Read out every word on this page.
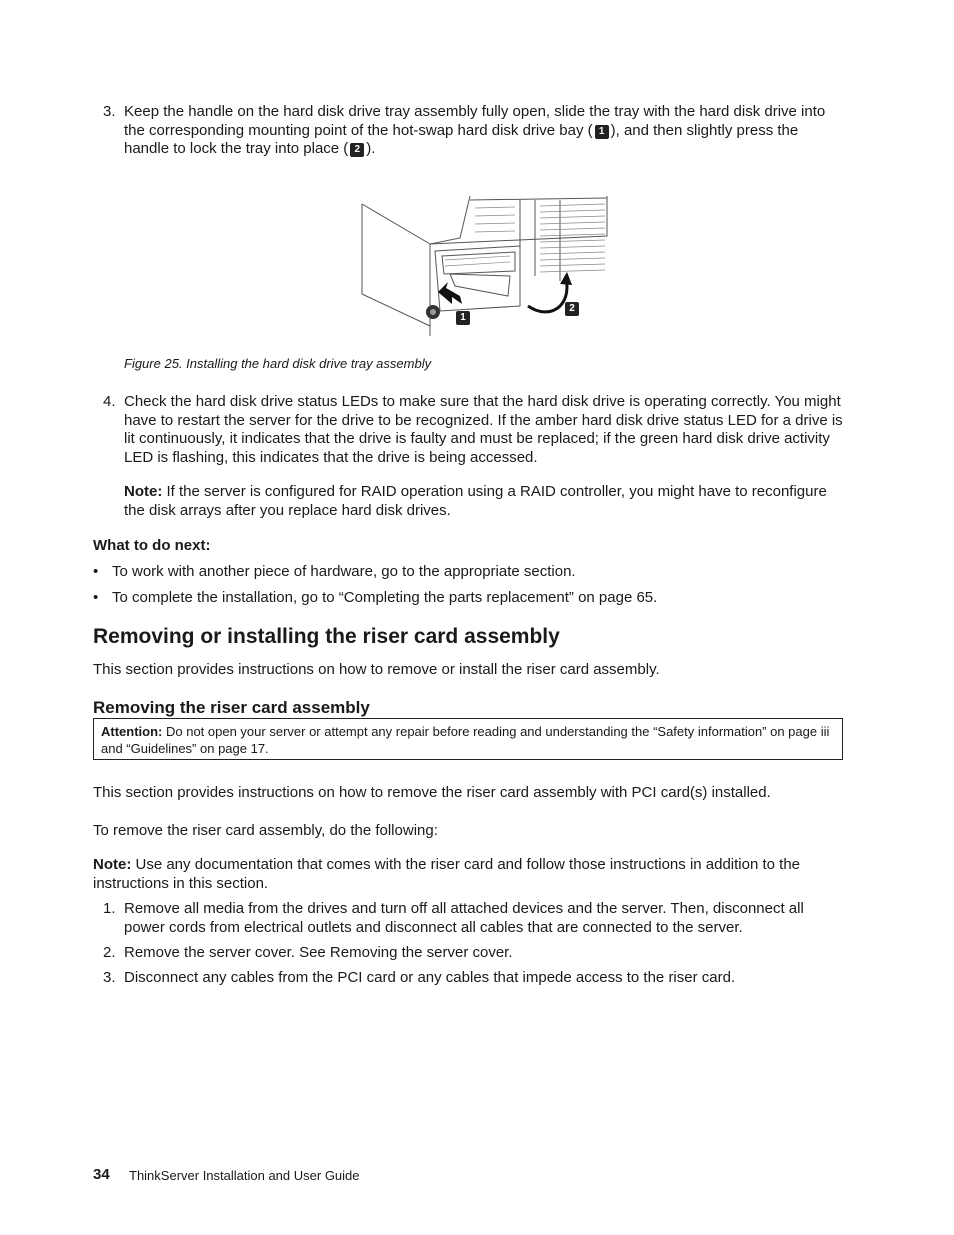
3. Keep the handle on the hard disk drive tray assembly fully open, slide the tray with the hard disk drive into the corresponding mounting point of the hot-swap hard disk drive bay ( 1 ), and then slightly press the handle to lock the tray into place ( 2 ).
1
2
Figure 25. Installing the hard disk drive tray assembly
4. Check the hard disk drive status LEDs to make sure that the hard disk drive is operating correctly. You might have to restart the server for the drive to be recognized. If the amber hard disk drive status LED for a drive is lit continuously, it indicates that the drive is faulty and must be replaced; if the green hard disk drive activity LED is flashing, this indicates that the drive is being accessed.
Note: If the server is configured for RAID operation using a RAID controller, you might have to reconfigure the disk arrays after you replace hard disk drives.
What to do next:
• To work with another piece of hardware, go to the appropriate section.
• To complete the installation, go to “Completing the parts replacement” on page 65.
Removing or installing the riser card assembly
This section provides instructions on how to remove or install the riser card assembly.
Removing the riser card assembly
Attention: Do not open your server or attempt any repair before reading and understanding the “Safety information” on page iii and “Guidelines” on page 17.
This section provides instructions on how to remove the riser card assembly with PCI card(s) installed.
To remove the riser card assembly, do the following:
Note: Use any documentation that comes with the riser card and follow those instructions in addition to the instructions in this section.
1. Remove all media from the drives and turn off all attached devices and the server. Then, disconnect all power cords from electrical outlets and disconnect all cables that are connected to the server.
2. Remove the server cover. See Removing the server cover.
3. Disconnect any cables from the PCI card or any cables that impede access to the riser card.
34 ThinkServer Installation and User Guide
